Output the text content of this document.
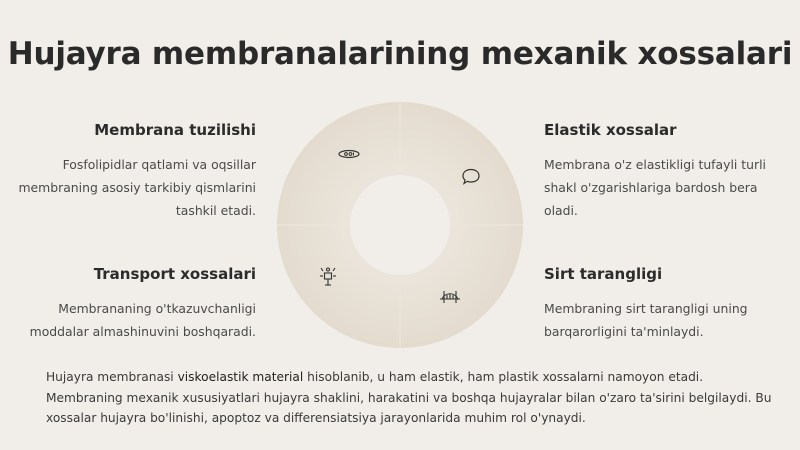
Hujayra membranalarining mexanik xossalari
Membrana tuzilishi

Fosfolipidlar qatlami va oqsillar membraning asosiy tarkibiy qismlarini tashkil etadi.

Elastik xossalar

Membrana o'z elastikligi tufayli turli shakl o'zgarishlariga bardosh bera oladi.

Transport xossalari

Membrananing o'tkazuvchanligi moddalar almashinuvini boshqaradi.

Sirt tarangligi

Membraning sirt tarangligi uning barqarorligini ta'minlaydi.

Hujayra membranasi viskoelastik material hisoblanib, u ham elastik, ham plastik xossalarni namoyon etadi. Membraning mexanik xususiyatlari hujayra shaklini, harakatini va boshqa hujayralar bilan o'zaro ta'sirini belgilaydi. Bu xossalar hujayra bo'linishi, apoptoz va differensiatsiya jarayonlarida muhim rol o'ynaydi.
